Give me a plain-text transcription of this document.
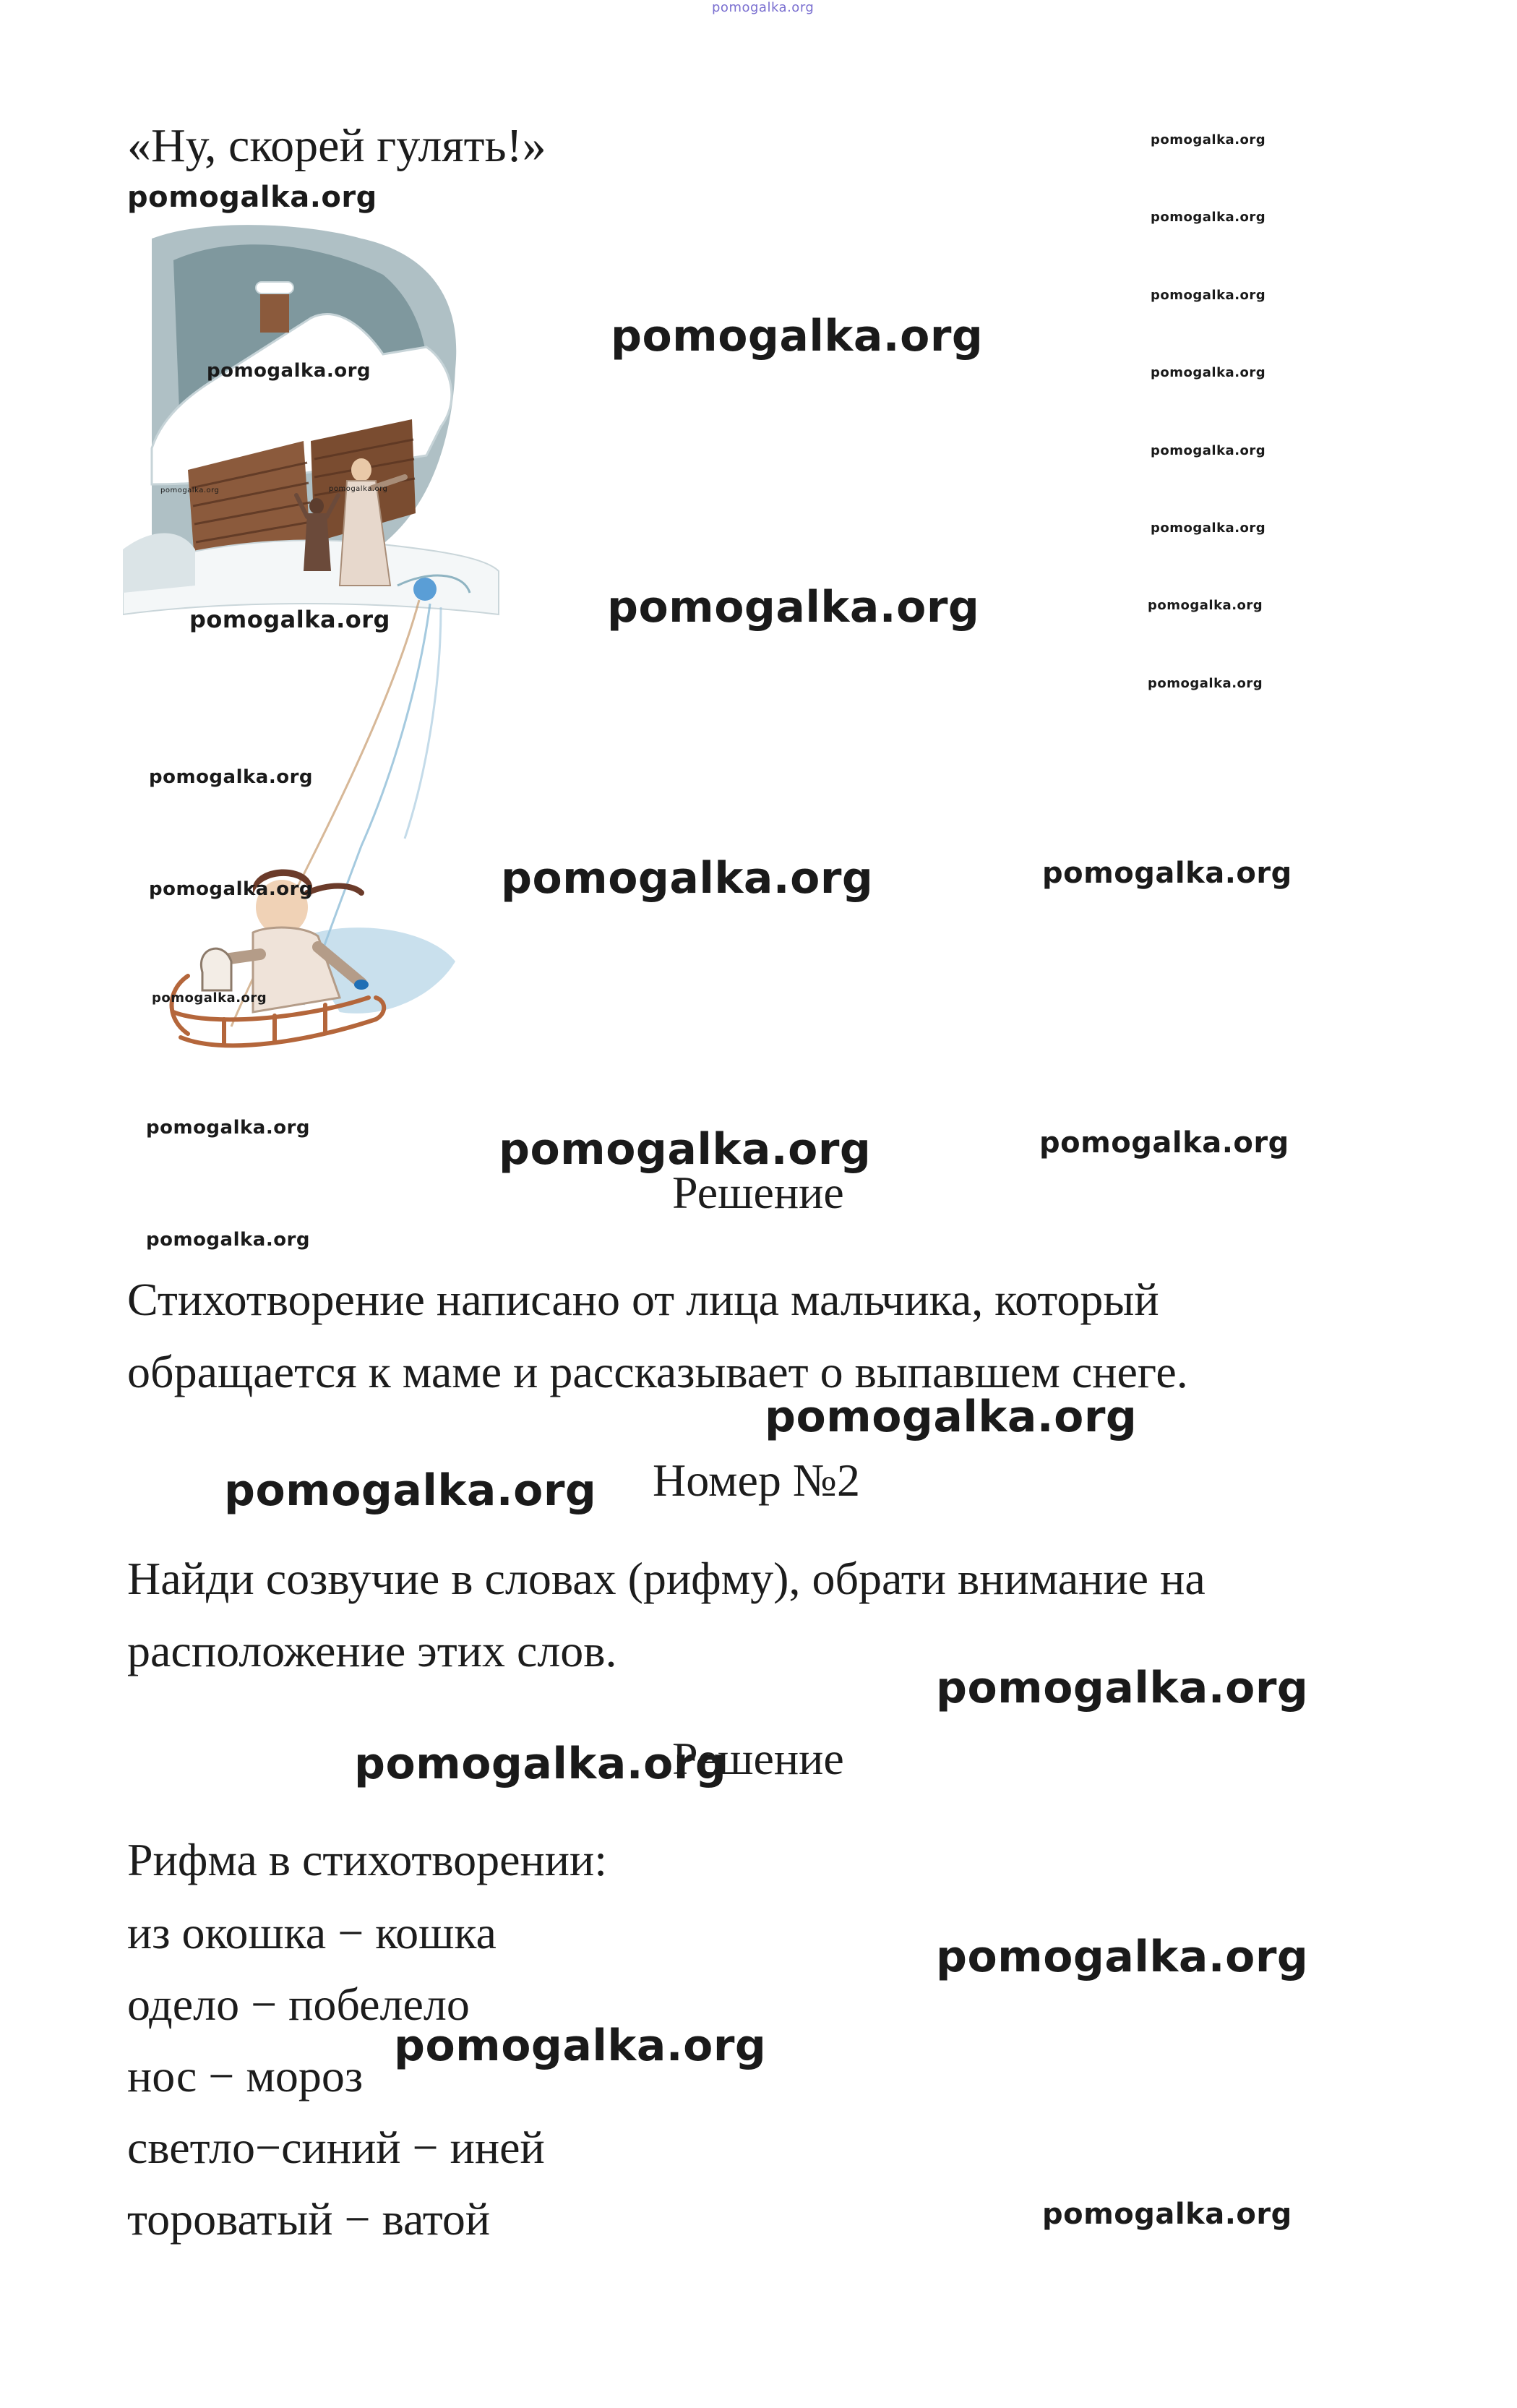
pomogalka.org
«Ну, скорей гулять!»
pomogalka.org
pomogalka.org	pomogalka.org
pomogalka.org
pomogalka.org
pomogalka.org
pomogalka.org
pomogalka.org
pomogalka.org
pomogalka.org
pomogalka.org
pomogalka.org
pomogalka.org
pomogalka.org
pomogalka.org
pomogalka.org
pomogalka.org
pomogalka.org
pomogalka.org
pomogalka.org
pomogalka.org
pomogalka.org
pomogalka.org
pomogalka.org
Решение
Стихотворение написано от лица мальчика, который
обращается к маме и рассказывает о выпавшем снеге.
pomogalka.org
pomogalka.org Номер №2
Найди созвучие в словах (рифму), обрати внимание на
расположение этих слов.
pomogalka.org
pomogalka.org
Решение
Рифма в стихотворении:
из окошка − кошка
одело − побелело
нос − мороз
светло−синий − иней
тороватый − ватой
pomogalka.org
pomogalka.org
pomogalka.org
